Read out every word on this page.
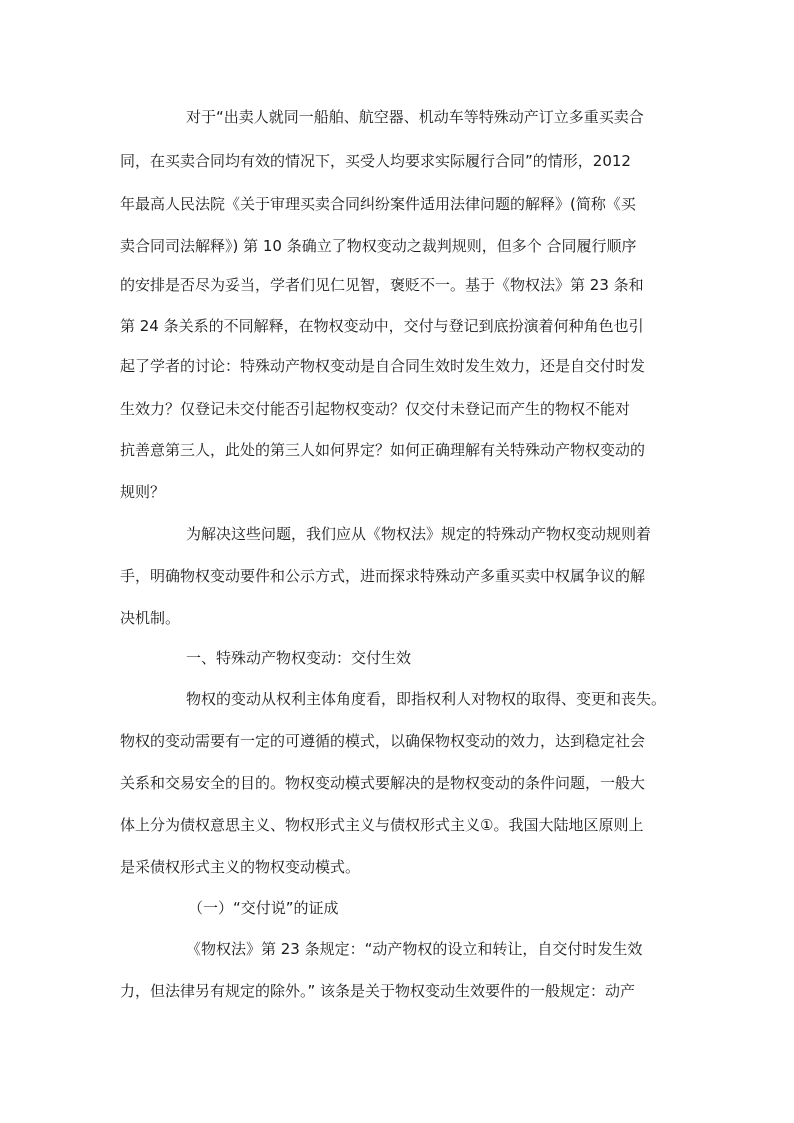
对于“出卖人就同一船舶、航空器、机动车等特殊动产订立多重买卖合
同，在买卖合同均有效的情况下，买受人均要求实际履行合同”的情形，2012
年最高人民法院《关于审理买卖合同纠纷案件适用法律问题的解释》(简称《买
卖合同司法解释》) 第 10 条确立了物权变动之裁判规则，但多个 合同履行顺序
的安排是否尽为妥当，学者们见仁见智，褒贬不一。基于《物权法》第 23 条和
第 24 条关系的不同解释，在物权变动中，交付与登记到底扮演着何种角色也引
起了学者的讨论：特殊动产物权变动是自合同生效时发生效力，还是自交付时发
生效力？仅登记未交付能否引起物权变动？仅交付未登记而产生的物权不能对
抗善意第三人，此处的第三人如何界定？如何正确理解有关特殊动产物权变动的
规则？
为解决这些问题，我们应从《物权法》规定的特殊动产物权变动规则着
手，明确物权变动要件和公示方式，进而探求特殊动产多重买卖中权属争议的解
决机制。
一、特殊动产物权变动：交付生效
物权的变动从权利主体角度看，即指权利人对物权的取得、变更和丧失。
物权的变动需要有一定的可遵循的模式，以确保物权变动的效力，达到稳定社会
关系和交易安全的目的。物权变动模式要解决的是物权变动的条件问题，一般大
体上分为债权意思主义、物权形式主义与债权形式主义①。我国大陆地区原则上
是采债权形式主义的物权变动模式。
（一）“交付说”的证成
《物权法》第 23 条规定：“动产物权的设立和转让，自交付时发生效
力，但法律另有规定的除外。” 该条是关于物权变动生效要件的一般规定：动产
